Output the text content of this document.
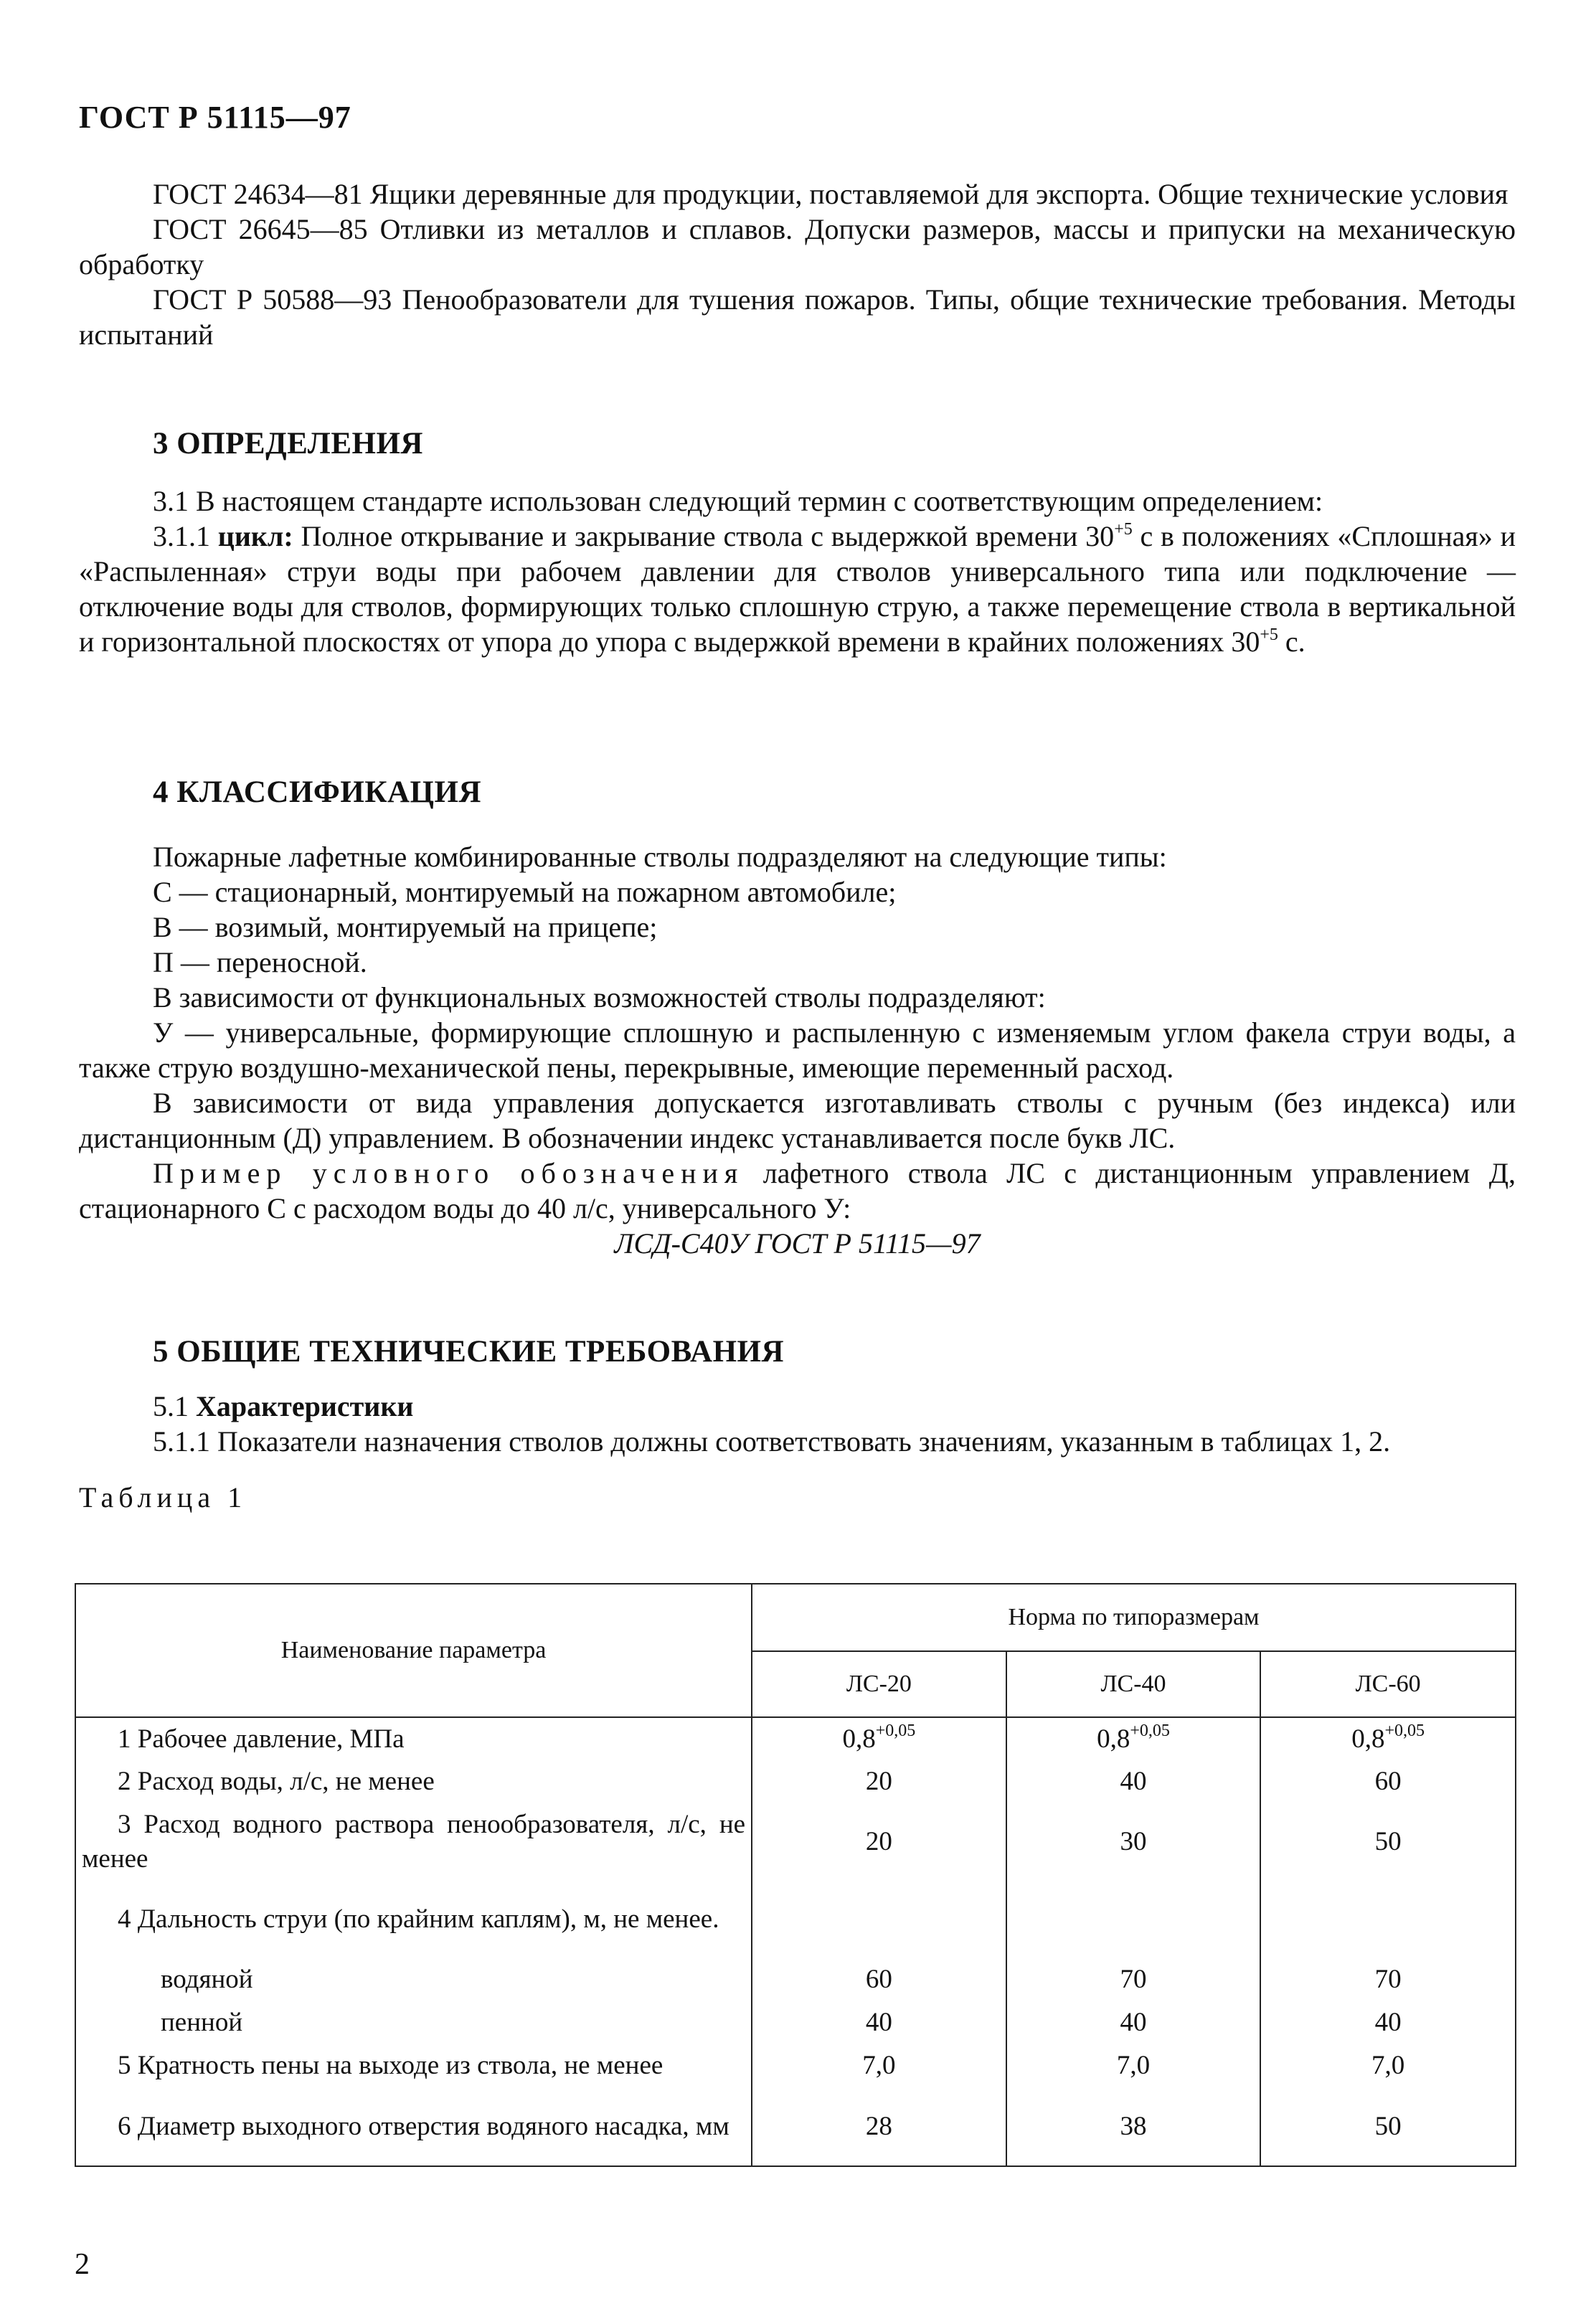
ГОСТ Р 51115—97

ГОСТ 24634—81 Ящики деревянные для продукции, поставляемой для экспорта. Общие технические условия

ГОСТ 26645—85 Отливки из металлов и сплавов. Допуски размеров, массы и припуски на механическую обработку

ГОСТ Р 50588—93 Пенообразователи для тушения пожаров. Типы, общие технические требования. Методы испытаний

3 ОПРЕДЕЛЕНИЯ

3.1 В настоящем стандарте использован следующий термин с соответствующим определением:

3.1.1 цикл: Полное открывание и закрывание ствола с выдержкой времени $30^{+5}$ с в положениях «Сплошная» и «Распыленная» струи воды при рабочем давлении для стволов универсального типа или подключение — отключение воды для стволов, формирующих только сплошную струю, а также перемещение ствола в вертикальной и горизонтальной плоскостях от упора до упора с выдержкой времени в крайних положениях $30^{+5}$ с.

4 КЛАССИФИКАЦИЯ

Пожарные лафетные комбинированные стволы подразделяют на следующие типы:

С — стационарный, монтируемый на пожарном автомобиле;

В — возимый, монтируемый на прицепе;

П — переносной.

В зависимости от функциональных возможностей стволы подразделяют:

У — универсальные, формирующие сплошную и распыленную с изменяемым углом факела струи воды, а также струю воздушно-механической пены, перекрывные, имеющие переменный расход.

В зависимости от вида управления допускается изготавливать стволы с ручным (без индекса) или дистанционным (Д) управлением. В обозначении индекс устанавливается после букв ЛС.

Пример условного обозначения лафетного ствола ЛС с дистанционным управлением Д, стационарного С с расходом воды до 40 л/с, универсального У:

ЛСД-С40У ГОСТ Р 51115—97

5 ОБЩИЕ ТЕХНИЧЕСКИЕ ТРЕБОВАНИЯ

5.1 Характеристики

5.1.1 Показатели назначения стволов должны соответствовать значениям, указанным в таблицах 1, 2.

Таблица 1

Наименование параметра	Норма по типоразмерам		
	ЛС-20	ЛС-40	ЛС-60
1 Рабочее давление, МПа	$0,8^{+0,05}$	$0,8^{+0,05}$	$0,8^{+0,05}$
2 Расход воды, л/с, не менее	20	40	60
3 Расход водного раствора пенообразователя, л/с, не менее	20	30	50
4 Дальность струи (по крайним каплям), м, не менее.			
водяной	60	70	70
пенной	40	40	40
5 Кратность пены на выходе из ствола, не менее	7,0	7,0	7,0
6 Диаметр выходного отверстия водяного насадка, мм	28	38	50
2
